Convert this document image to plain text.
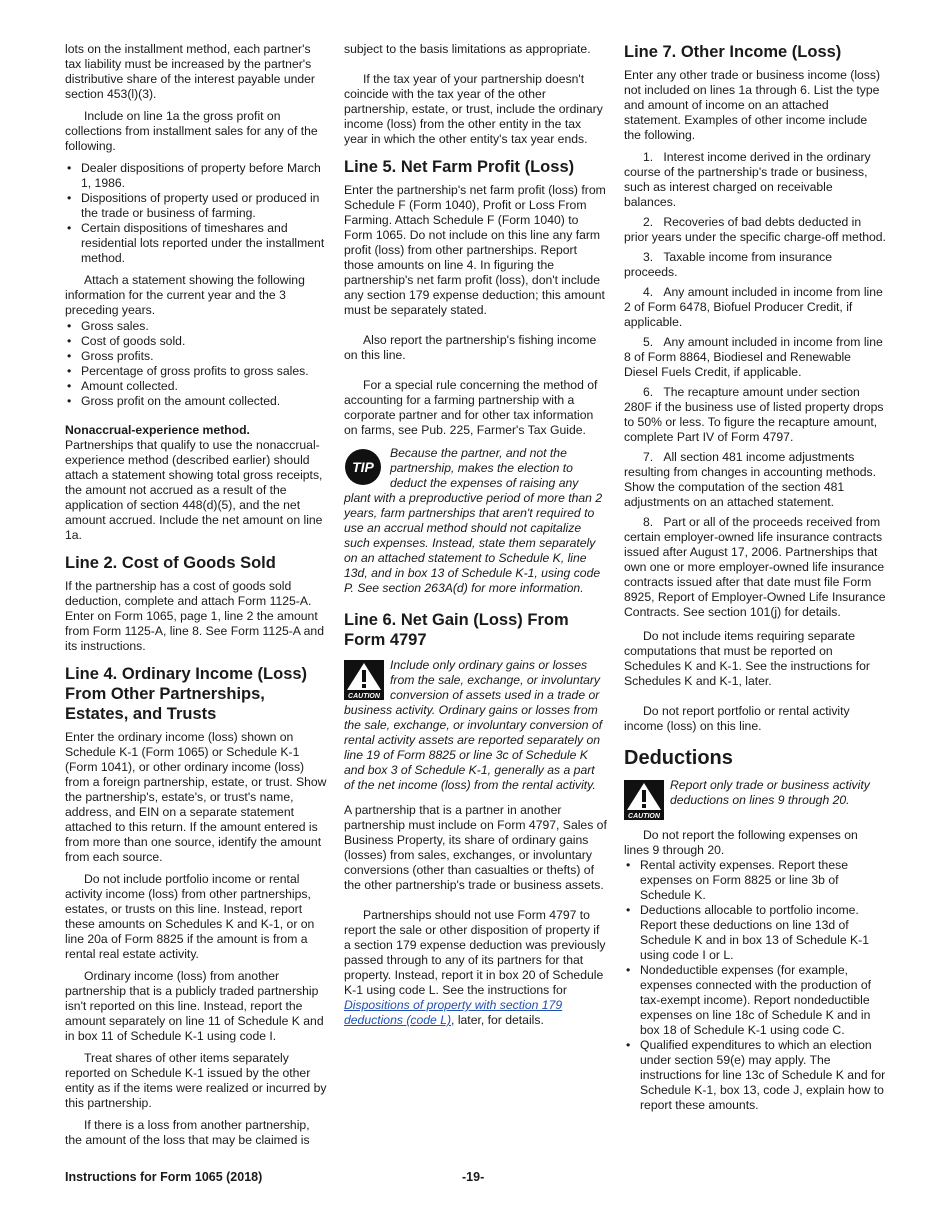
lots on the installment method, each partner's tax liability must be increased by the partner's distributive share of the interest payable under section 453(l)(3).

Include on line 1a the gross profit on collections from installment sales for any of the following.

• Dealer dispositions of property before March 1, 1986.
• Dispositions of property used or produced in the trade or business of farming.
• Certain dispositions of timeshares and residential lots reported under the installment method.

Attach a statement showing the following information for the current year and the 3 preceding years.

• Gross sales.
• Cost of goods sold.
• Gross profits.
• Percentage of gross profits to gross sales.
• Amount collected.
• Gross profit on the amount collected.

Nonaccrual-experience method.
Partnerships that qualify to use the nonaccrual-experience method (described earlier) should attach a statement showing total gross receipts, the amount not accrued as a result of the application of section 448(d)(5), and the net amount accrued. Include the net amount on line 1a.

Line 2. Cost of Goods Sold

If the partnership has a cost of goods sold deduction, complete and attach Form 1125-A. Enter on Form 1065, page 1, line 2 the amount from Form 1125-A, line 8. See Form 1125-A and its instructions.

Line 4. Ordinary Income (Loss) From Other Partnerships, Estates, and Trusts

Enter the ordinary income (loss) shown on Schedule K-1 (Form 1065) or Schedule K-1 (Form 1041), or other ordinary income (loss) from a foreign partnership, estate, or trust. Show the partnership's, estate's, or trust's name, address, and EIN on a separate statement attached to this return. If the amount entered is from more than one source, identify the amount from each source.

Do not include portfolio income or rental activity income (loss) from other partnerships, estates, or trusts on this line. Instead, report these amounts on Schedules K and K-1, or on line 20a of Form 8825 if the amount is from a rental real estate activity.

Ordinary income (loss) from another partnership that is a publicly traded partnership isn't reported on this line. Instead, report the amount separately on line 11 of Schedule K and in box 11 of Schedule K-1 using code I.

Treat shares of other items separately reported on Schedule K-1 issued by the other entity as if the items were realized or incurred by this partnership.

If there is a loss from another partnership, the amount of the loss that may be claimed is

subject to the basis limitations as appropriate.

If the tax year of your partnership doesn't coincide with the tax year of the other partnership, estate, or trust, include the ordinary income (loss) from the other entity in the tax year in which the other entity's tax year ends.

Line 5. Net Farm Profit (Loss)

Enter the partnership's net farm profit (loss) from Schedule F (Form 1040), Profit or Loss From Farming. Attach Schedule F (Form 1040) to Form 1065. Do not include on this line any farm profit (loss) from other partnerships. Report those amounts on line 4. In figuring the partnership's net farm profit (loss), don't include any section 179 expense deduction; this amount must be separately stated.

Also report the partnership's fishing income on this line.

For a special rule concerning the method of accounting for a farming partnership with a corporate partner and for other tax information on farms, see Pub. 225, Farmer's Tax Guide.

TIP
Because the partner, and not the partnership, makes the election to deduct the expenses of raising any plant with a preproductive period of more than 2 years, farm partnerships that aren't required to use an accrual method should not capitalize such expenses. Instead, state them separately on an attached statement to Schedule K, line 13d, and in box 13 of Schedule K-1, using code P. See section 263A(d) for more information.
Line 6. Net Gain (Loss) From Form 4797
CAUTION
Include only ordinary gains or losses from the sale, exchange, or involuntary conversion of assets used in a trade or business activity. Ordinary gains or losses from the sale, exchange, or involuntary conversion of rental activity assets are reported separately on line 19 of Form 8825 or line 3c of Schedule K and box 3 of Schedule K-1, generally as a part of the net income (loss) from the rental activity.

A partnership that is a partner in another partnership must include on Form 4797, Sales of Business Property, its share of ordinary gains (losses) from sales, exchanges, or involuntary conversions (other than casualties or thefts) of the other partnership's trade or business assets.

Partnerships should not use Form 4797 to report the sale or other disposition of property if a section 179 expense deduction was previously passed through to any of its partners for that property. Instead, report it in box 20 of Schedule K-1 using code L. See the instructions for Dispositions of property with section 179 deductions (code L), later, for details.

Line 7. Other Income (Loss)

Enter any other trade or business income (loss) not included on lines 1a through 6. List the type and amount of income on an attached statement. Examples of other income include the following.

1.   Interest income derived in the ordinary course of the partnership's trade or business, such as interest charged on receivable balances.
2.   Recoveries of bad debts deducted in prior years under the specific charge-off method.
3.   Taxable income from insurance proceeds.
4.   Any amount included in income from line 2 of Form 6478, Biofuel Producer Credit, if applicable.
5.   Any amount included in income from line 8 of Form 8864, Biodiesel and Renewable Diesel Fuels Credit, if applicable.
6.   The recapture amount under section 280F if the business use of listed property drops to 50% or less. To figure the recapture amount, complete Part IV of Form 4797.
7.   All section 481 income adjustments resulting from changes in accounting methods. Show the computation of the section 481 adjustments on an attached statement.
8.   Part or all of the proceeds received from certain employer-owned life insurance contracts issued after August 17, 2006. Partnerships that own one or more employer-owned life insurance contracts issued after that date must file Form 8925, Report of Employer-Owned Life Insurance Contracts. See section 101(j) for details.

Do not include items requiring separate computations that must be reported on Schedules K and K-1. See the instructions for Schedules K and K-1, later.

Do not report portfolio or rental activity income (loss) on this line.

Deductions
CAUTION
Report only trade or business activity deductions on lines 9 through 20.

Do not report the following expenses on lines 9 through 20.

• Rental activity expenses. Report these expenses on Form 8825 or line 3b of Schedule K.
• Deductions allocable to portfolio income. Report these deductions on line 13d of Schedule K and in box 13 of Schedule K-1 using code I or L.
• Nondeductible expenses (for example, expenses connected with the production of tax-exempt income). Report nondeductible expenses on line 18c of Schedule K and in box 18 of Schedule K-1 using code C.
• Qualified expenditures to which an election under section 59(e) may apply. The instructions for line 13c of Schedule K and for Schedule K-1, box 13, code J, explain how to report these amounts.
Instructions for Form 1065 (2018)	-19-
